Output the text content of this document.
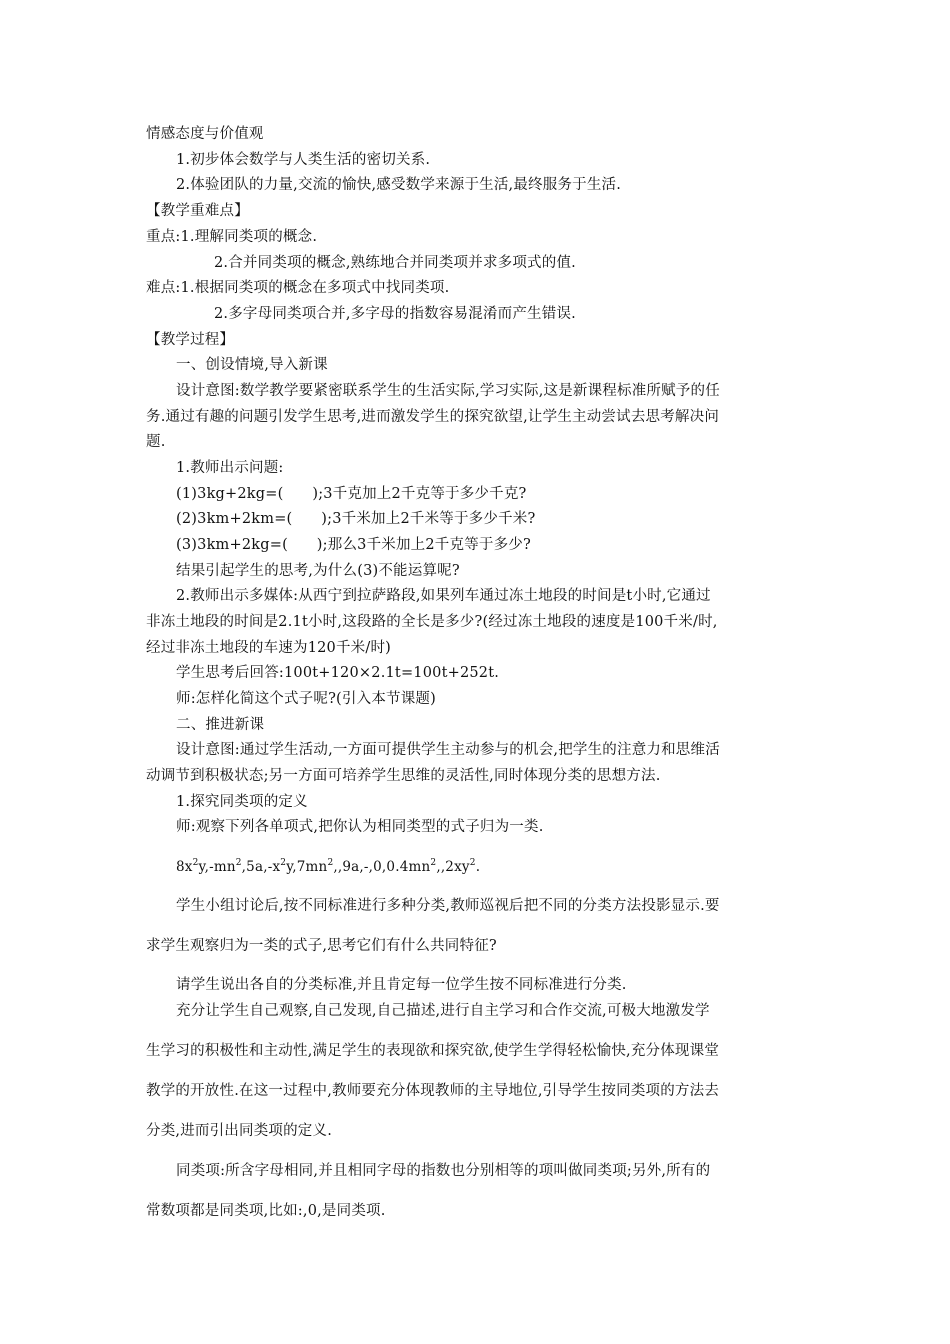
情感态度与价值观
1.初步体会数学与人类生活的密切关系.
2.体验团队的力量,交流的愉快,感受数学来源于生活,最终服务于生活.
【教学重难点】
重点:1.理解同类项的概念.
2.合并同类项的概念,熟练地合并同类项并求多项式的值.
难点:1.根据同类项的概念在多项式中找同类项.
2.多字母同类项合并,多字母的指数容易混淆而产生错误.
【教学过程】
一、创设情境,导入新课
设计意图:数学教学要紧密联系学生的生活实际,学习实际,这是新课程标准所赋予的任
务.通过有趣的问题引发学生思考,进而激发学生的探究欲望,让学生主动尝试去思考解决问
题.
1.教师出示问题:
(1)3kg+2kg=(      );3千克加上2千克等于多少千克?
(2)3km+2km=(      );3千米加上2千米等于多少千米?
(3)3km+2kg=(      );那么3千米加上2千克等于多少?
结果引起学生的思考,为什么(3)不能运算呢?
2.教师出示多媒体:从西宁到拉萨路段,如果列车通过冻土地段的时间是t小时,它通过
非冻土地段的时间是2.1t小时,这段路的全长是多少?(经过冻土地段的速度是100千米/时,
经过非冻土地段的车速为120千米/时)
学生思考后回答:100t+120×2.1t=100t+252t.
师:怎样化简这个式子呢?(引入本节课题)
二、推进新课
设计意图:通过学生活动,一方面可提供学生主动参与的机会,把学生的注意力和思维活
动调节到积极状态;另一方面可培养学生思维的灵活性,同时体现分类的思想方法.
1.探究同类项的定义
师:观察下列各单项式,把你认为相同类型的式子归为一类.
$8x^2y,-mn^2,5a,-x^2y,7mn^2,,9a,-,0,0.4mn^2,,2xy^2$.
学生小组讨论后,按不同标准进行多种分类,教师巡视后把不同的分类方法投影显示.要
求学生观察归为一类的式子,思考它们有什么共同特征?
请学生说出各自的分类标准,并且肯定每一位学生按不同标准进行分类.
充分让学生自己观察,自己发现,自己描述,进行自主学习和合作交流,可极大地激发学
生学习的积极性和主动性,满足学生的表现欲和探究欲,使学生学得轻松愉快,充分体现课堂
教学的开放性.在这一过程中,教师要充分体现教师的主导地位,引导学生按同类项的方法去
分类,进而引出同类项的定义.
同类项:所含字母相同,并且相同字母的指数也分别相等的项叫做同类项;另外,所有的
常数项都是同类项,比如:,0,是同类项.
